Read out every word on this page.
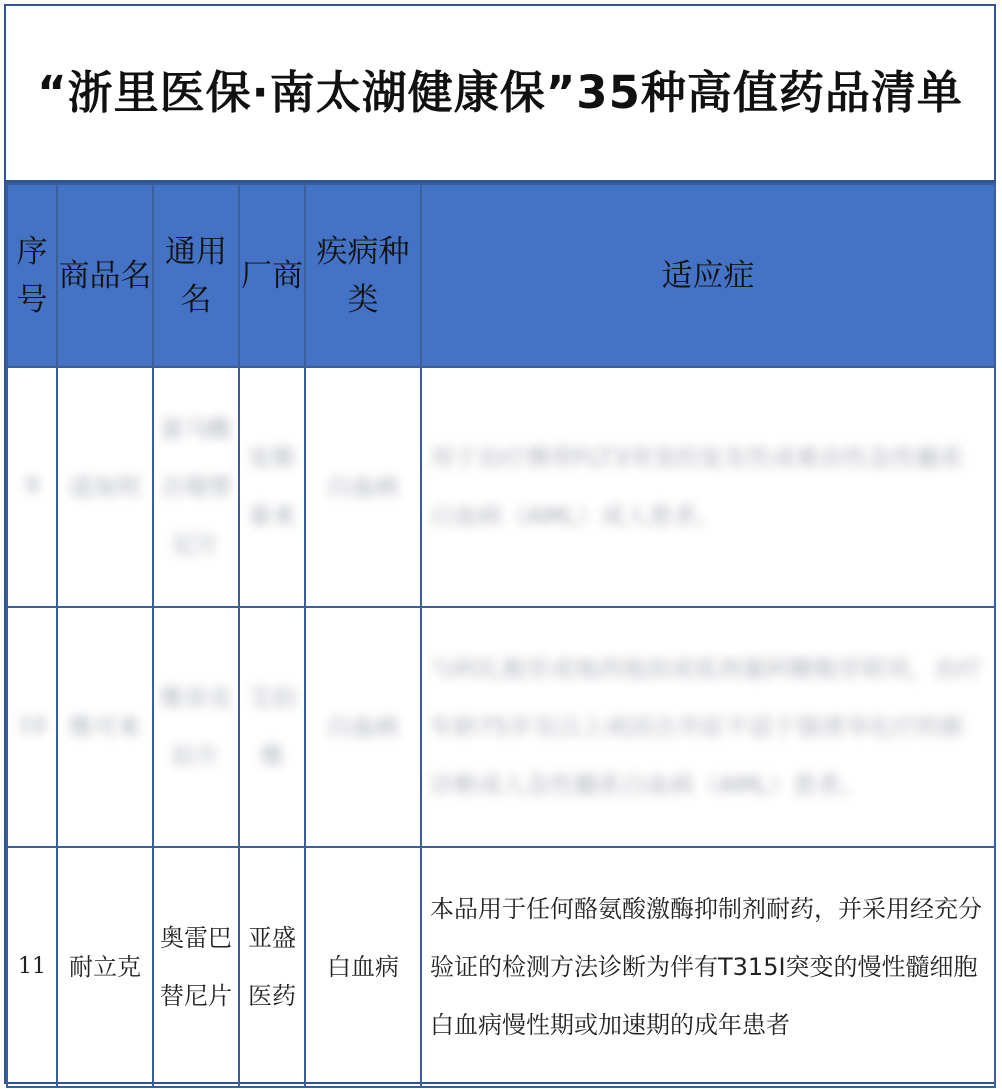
“浙里医保·南太湖健康保”35种高值药品清单
序号	商品名	通用名	厂商	疾病种类	适应症
9	适加坦	富马酸吉瑞替尼片	安斯泰来	白血病	用于治疗携带FLT3突变的复发性或难治性急性髓系白血病（AML）成人患者。
10	维可来	维奈克拉片	艾伯维	白血病	与阿扎胞苷或地西他滨或低剂量阿糖胞苷联用，治疗年龄75岁及以上或因合并症不适于强诱导化疗的新诊断成人急性髓系白血病（AML）患者。
11	耐立克	奥雷巴替尼片	亚盛医药	白血病	本品用于任何酪氨酸激酶抑制剂耐药，并采用经充分验证的检测方法诊断为伴有T315I突变的慢性髓细胞白血病慢性期或加速期的成年患者
